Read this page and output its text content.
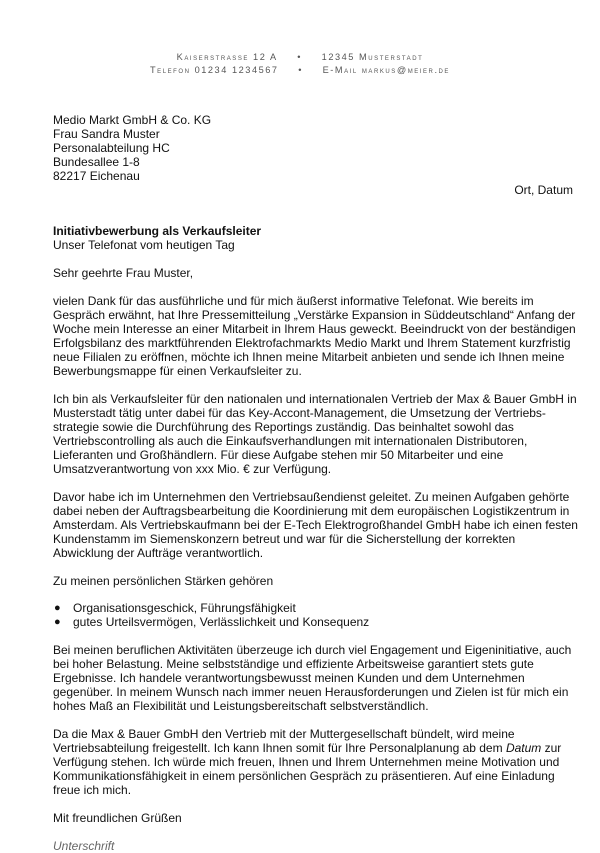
Kaiserstrasse 12 A • 12345 Musterstadt
Telefon 01234 1234567 • E-Mail markus@meier.de
Medio Markt GmbH & Co. KG
Frau Sandra Muster
Personalabteilung HC
Bundesallee 1-8
82217 Eichenau
Ort, Datum

Initiativbewerbung als Verkaufsleiter

Unser Telefonat vom heutigen Tag

Sehr geehrte Frau Muster,

vielen Dank für das ausführliche und für mich äußerst informative Telefonat. Wie bereits im Gespräch erwähnt, hat Ihre Pressemitteilung „Verstärke Expansion in Süddeutschland“ Anfang der Woche mein Interesse an einer Mitarbeit in Ihrem Haus geweckt. Beeindruckt von der beständigen Erfolgsbilanz des marktführenden Elektrofachmarkts Medio Markt und Ihrem Statement kurzfristig neue Filialen zu eröffnen, möchte ich Ihnen meine Mitarbeit anbieten und sende ich Ihnen meine Bewerbungsmappe für einen Verkaufsleiter zu.

Ich bin als Verkaufsleiter für den nationalen und internationalen Vertrieb der Max & Bauer GmbH in Musterstadt tätig unter dabei für das Key-Accont-Management, die Umsetzung der Vertriebs-strategie sowie die Durchführung des Reportings zuständig. Das beinhaltet sowohl das Vertriebscontrolling als auch die Einkaufsverhandlungen mit internationalen Distributoren, Lieferanten und Großhändlern. Für diese Aufgabe stehen mir 50 Mitarbeiter und eine Umsatzverantwortung von xxx Mio. € zur Verfügung.

Davor habe ich im Unternehmen den Vertriebsaußendienst geleitet. Zu meinen Aufgaben gehörte dabei neben der Auftragsbearbeitung die Koordinierung mit dem europäischen Logistikzentrum in Amsterdam. Als Vertriebskaufmann bei der E-Tech Elektrogroßhandel GmbH habe ich einen festen Kundenstamm im Siemenskonzern betreut und war für die Sicherstellung der korrekten Abwicklung der Aufträge verantwortlich.

Zu meinen persönlichen Stärken gehören

● Organisationsgeschick, Führungsfähigkeit
● gutes Urteilsvermögen, Verlässlichkeit und Konsequenz

Bei meinen beruflichen Aktivitäten überzeuge ich durch viel Engagement und Eigeninitiative, auch bei hoher Belastung. Meine selbstständige und effiziente Arbeitsweise garantiert stets gute Ergebnisse. Ich handele verantwortungsbewusst meinen Kunden und dem Unternehmen gegenüber. In meinem Wunsch nach immer neuen Herausforderungen und Zielen ist für mich ein hohes Maß an Flexibilität und Leistungsbereitschaft selbstverständlich.

Da die Max & Bauer GmbH den Vertrieb mit der Muttergesellschaft bündelt, wird meine Vertriebsabteilung freigestellt. Ich kann Ihnen somit für Ihre Personalplanung ab dem Datum zur Verfügung stehen. Ich würde mich freuen, Ihnen und Ihrem Unternehmen meine Motivation und Kommunikationsfähigkeit in einem persönlichen Gespräch zu präsentieren. Auf eine Einladung freue ich mich.

Mit freundlichen Grüßen

Unterschrift
